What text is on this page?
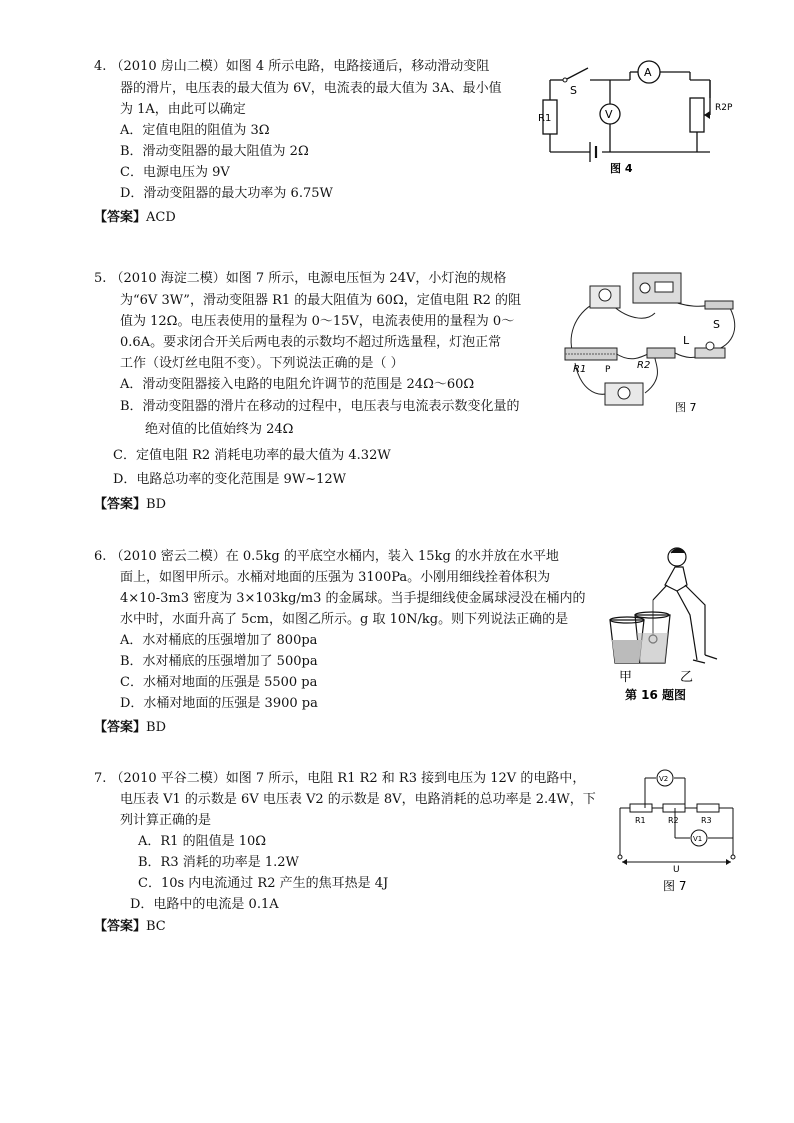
4. （2010 房山二模）如图 4 所示电路，电路接通后，移动滑动变阻
器的滑片，电压表的最大值为 6V，电流表的最大值为 3A、最小值
为 1A，由此可以确定
A．定值电阻的阻值为 3Ω
B．滑动变阻器的最大阻值为 2Ω
C．电源电压为 9V
D．滑动变阻器的最大功率为 6.75W
【答案】ACD
S
A
V
R1
R2P
图 4
5. （2010 海淀二模）如图 7 所示，电源电压恒为 24V，小灯泡的规格
为“6V 3W”，滑动变阻器 R1 的最大阻值为 60Ω，定值电阻 R2 的阻
值为 12Ω。电压表使用的量程为 0～15V，电流表使用的量程为 0～
0.6A。要求闭合开关后两电表的示数均不超过所选量程，灯泡正常
工作（设灯丝电阻不变）。下列说法正确的是（ ）
A．滑动变阻器接入电路的电阻允许调节的范围是 24Ω～60Ω
B．滑动变阻器的滑片在移动的过程中，电压表与电流表示数变化量的
绝对值的比值始终为 24Ω
C．定值电阻 R2 消耗电功率的最大值为 4.32W
D．电路总功率的变化范围是 9W~12W
【答案】BD
S
L
R1 P	R2
图 7
6. （2010 密云二模）在 0.5kg 的平底空水桶内，装入 15kg 的水并放在水平地
面上，如图甲所示。水桶对地面的压强为 3100Pa。小刚用细线拴着体积为
4×10-3m3 密度为 3×103kg/m3 的金属球。当手提细线使金属球浸没在桶内的
水中时，水面升高了 5cm，如图乙所示。g 取 10N/kg。则下列说法正确的是
A．水对桶底的压强增加了 800pa
B．水对桶底的压强增加了 500pa
C．水桶对地面的压强是 5500 pa
D．水桶对地面的压强是 3900 pa
【答案】BD
甲	乙
第 16 题图
7. （2010 平谷二模）如图 7 所示，电阻 R1 R2 和 R3 接到电压为 12V 的电路中，
电压表 V1 的示数是 6V 电压表 V2 的示数是 8V，电路消耗的总功率是 2.4W，下
列计算正确的是
A．R1 的阻值是 10Ω
B．R3 消耗的功率是 1.2W
C．10s 内电流通过 R2 产生的焦耳热是 4J
D．电路中的电流是 0.1A
【答案】BC
V2
V1
R1	R2	R3
U
图 7
